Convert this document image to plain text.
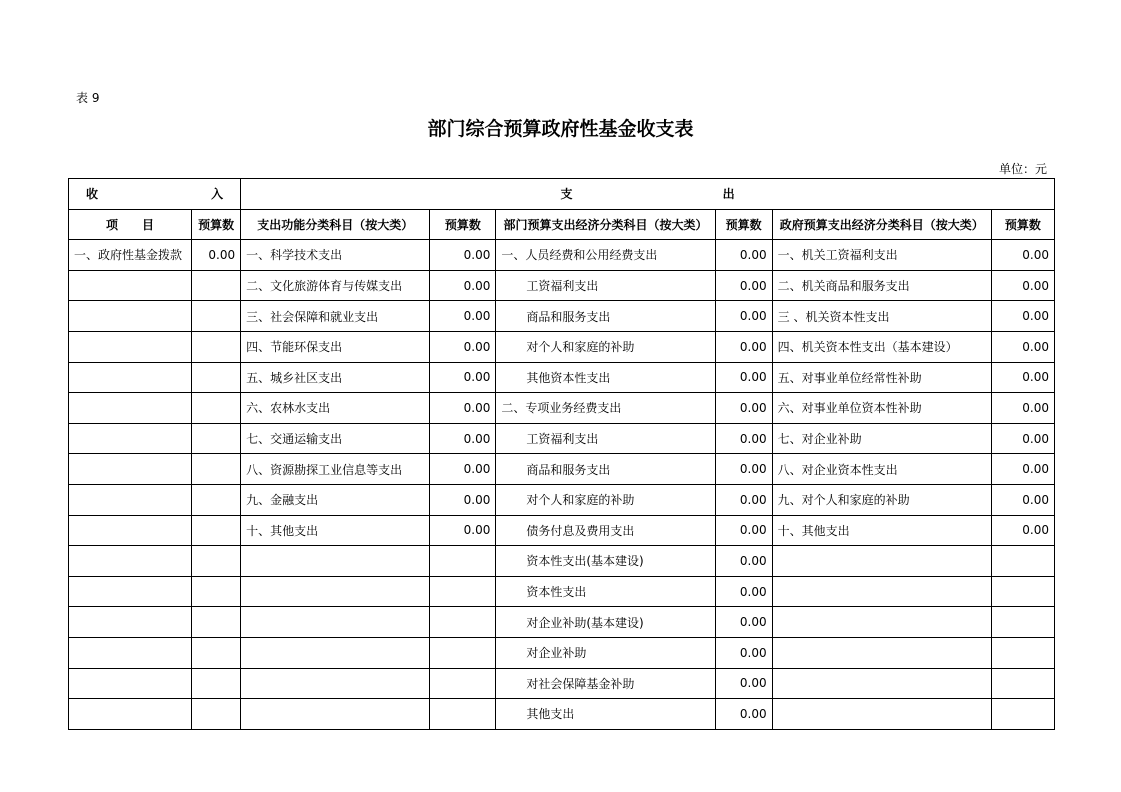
表 9
部门综合预算政府性基金收支表
单位：元
收 入		支 出					

项　　目	预算数	支出功能分类科目（按大类）	预算数	部门预算支出经济分类科目（按大类）	预算数	政府预算支出经济分类科目（按大类）	预算数
一、政府性基金拨款	0.00	一、科学技术支出	0.00	一、人员经费和公用经费支出	0.00	一、机关工资福利支出	0.00
		二、文化旅游体育与传媒支出	0.00	工资福利支出	0.00	二、机关商品和服务支出	0.00
		三、社会保障和就业支出	0.00	商品和服务支出	0.00	三 、机关资本性支出	0.00
		四、节能环保支出	0.00	对个人和家庭的补助	0.00	四、机关资本性支出（基本建设）	0.00
		五、城乡社区支出	0.00	其他资本性支出	0.00	五、对事业单位经常性补助	0.00
		六、农林水支出	0.00	二、专项业务经费支出	0.00	六、对事业单位资本性补助	0.00
		七、交通运输支出	0.00	工资福利支出	0.00	七、对企业补助	0.00
		八、资源勘探工业信息等支出	0.00	商品和服务支出	0.00	八、对企业资本性支出	0.00
		九、金融支出	0.00	对个人和家庭的补助	0.00	九、对个人和家庭的补助	0.00
		十、其他支出	0.00	债务付息及费用支出	0.00	十、其他支出	0.00
				资本性支出(基本建设)	0.00		
				资本性支出	0.00		
				对企业补助(基本建设)	0.00		
				对企业补助	0.00		
				对社会保障基金补助	0.00		
				其他支出	0.00		
